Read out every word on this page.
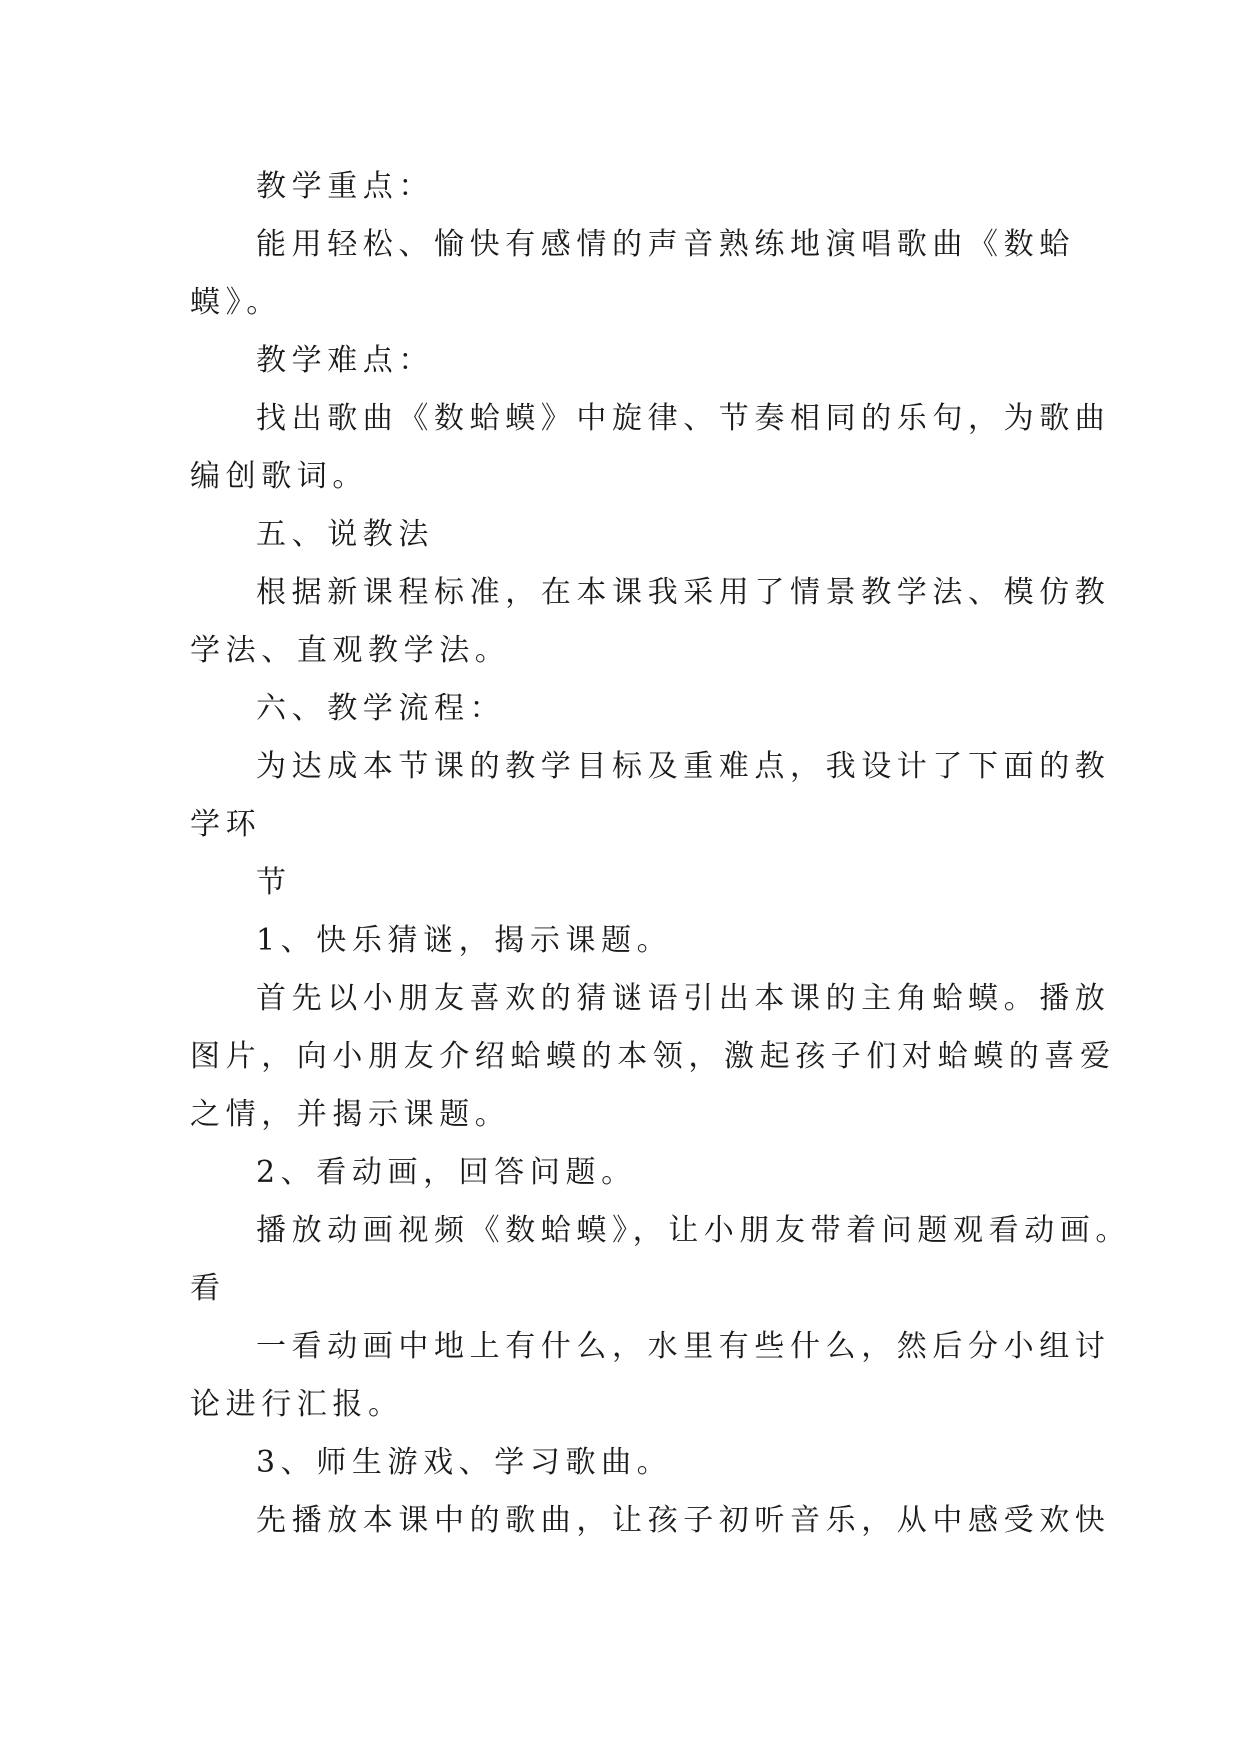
教学重点：
能用轻松、愉快有感情的声音熟练地演唱歌曲《数蛤
蟆》。
教学难点：
找出歌曲《数蛤蟆》中旋律、节奏相同的乐句，为歌曲
编创歌词。
五、说教法
根据新课程标准，在本课我采用了情景教学法、模仿教
学法、直观教学法。
六、教学流程：
为达成本节课的教学目标及重难点，我设计了下面的教
学环
节
1、快乐猜谜，揭示课题。
首先以小朋友喜欢的猜谜语引出本课的主角蛤蟆。播放
图片，向小朋友介绍蛤蟆的本领，激起孩子们对蛤蟆的喜爱
之情，并揭示课题。
2、看动画，回答问题。
播放动画视频《数蛤蟆》，让小朋友带着问题观看动画。
看
一看动画中地上有什么，水里有些什么，然后分小组讨
论进行汇报。
3、师生游戏、学习歌曲。
先播放本课中的歌曲，让孩子初听音乐，从中感受欢快
